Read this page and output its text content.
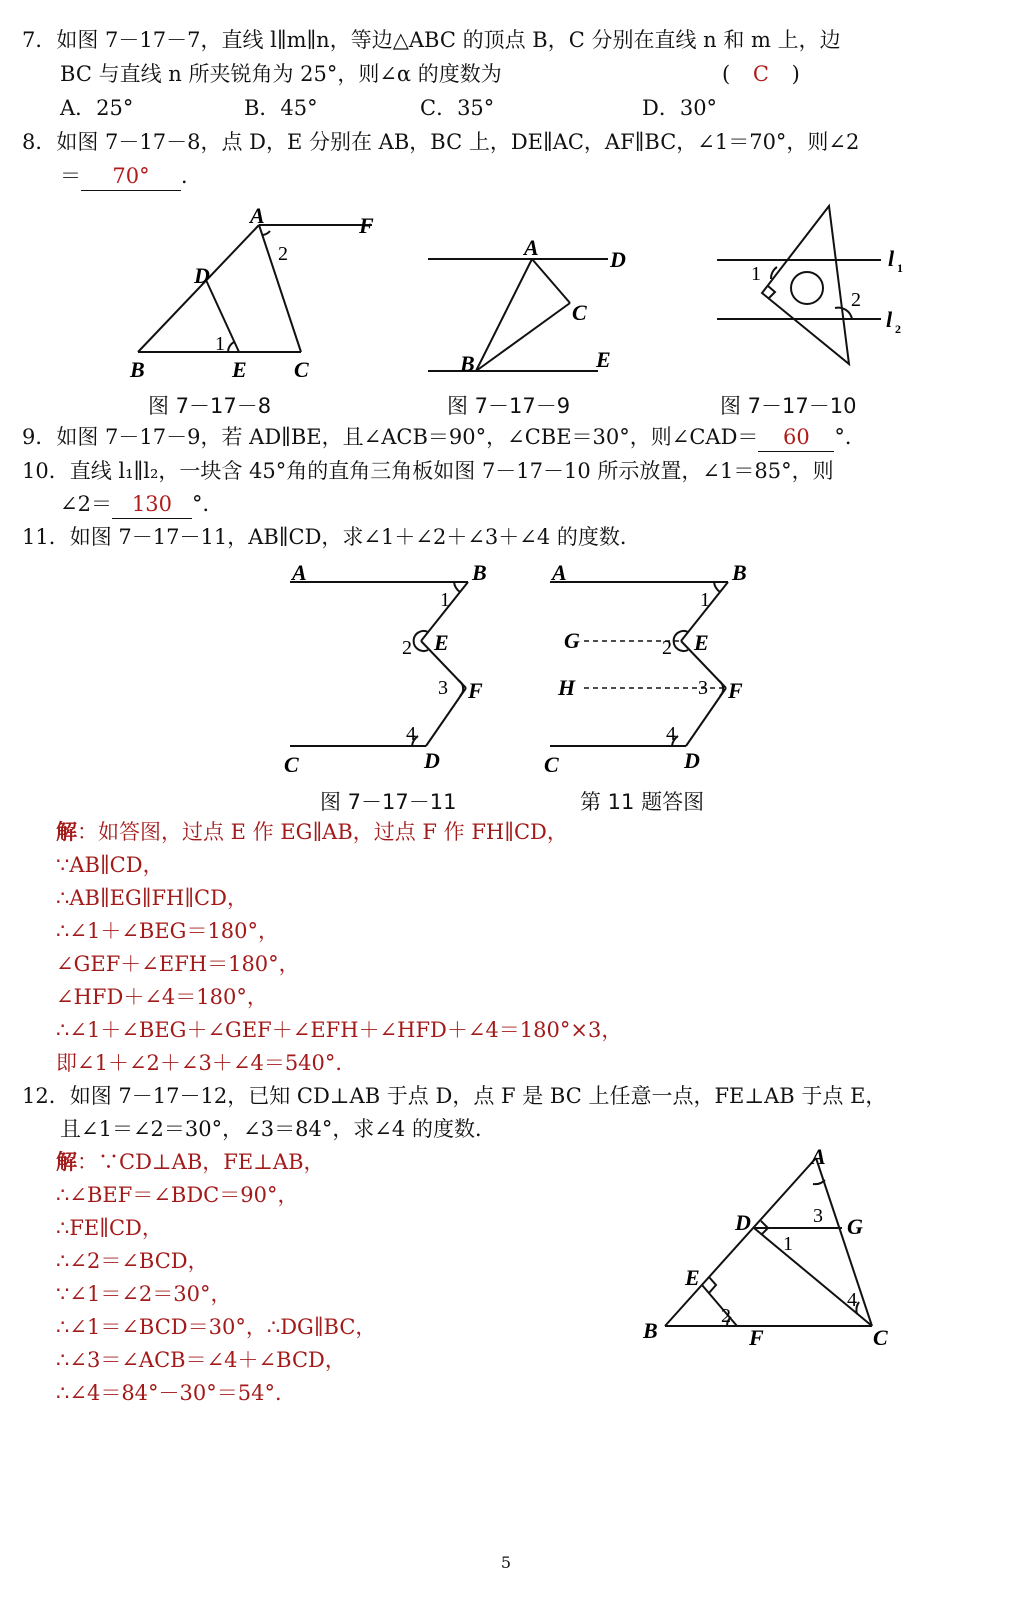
7．如图 7－17－7，直线 l∥m∥n，等边△ABC 的顶点 B，C 分别在直线 n 和 m 上，边
BC 与直线 n 所夹锐角为 25°，则∠α 的度数为	( C )
A．25°	B．45°	C．35°	D．30°
8．如图 7－17－8，点 D，E 分别在 AB，BC 上，DE∥AC，AF∥BC，∠1＝70°，则∠2
＝ 70° ．
A	F
D
B	E C
1
2
图 7－17－8
A	D
C
B	E
图 7－17－9
1
2
l 1
l 2
图 7－17－10
9．如图 7－17－9，若 AD∥BE，且∠ACB＝90°，∠CBE＝30°，则∠CAD＝ 60 °．
10．直线 l₁∥l₂，一块含 45°角的直角三角板如图 7－17－10 所示放置，∠1＝85°，则
∠2＝ 130 °．
11．如图 7－17－11，AB∥CD，求∠1＋∠2＋∠3＋∠4 的度数．
A	B
E
F
C	D
1
2
3
4
图 7－17－11
A	B
G	E
H	F
C	D
1
2
3
4
第 11 题答图
解：如答图，过点 E 作 EG∥AB，过点 F 作 FH∥CD，
∵AB∥CD，
∴AB∥EG∥FH∥CD，
∴∠1＋∠BEG＝180°，
∠GEF＋∠EFH＝180°，
∠HFD＋∠4＝180°，
∴∠1＋∠BEG＋∠GEF＋∠EFH＋∠HFD＋∠4＝180°×3，
即∠1＋∠2＋∠3＋∠4＝540°．
12．如图 7－17－12，已知 CD⊥AB 于点 D，点 F 是 BC 上任意一点，FE⊥AB 于点 E，
且∠1＝∠2＝30°，∠3＝84°，求∠4 的度数．
解：∵CD⊥AB，FE⊥AB，
∴∠BEF＝∠BDC＝90°，
∴FE∥CD，
∴∠2＝∠BCD，
∵∠1＝∠2＝30°，
∴∠1＝∠BCD＝30°，∴DG∥BC，
∴∠3＝∠ACB＝∠4＋∠BCD，
∴∠4＝84°－30°＝54°．
A
D	G
E
B	F	C
1
2
3
4
5
